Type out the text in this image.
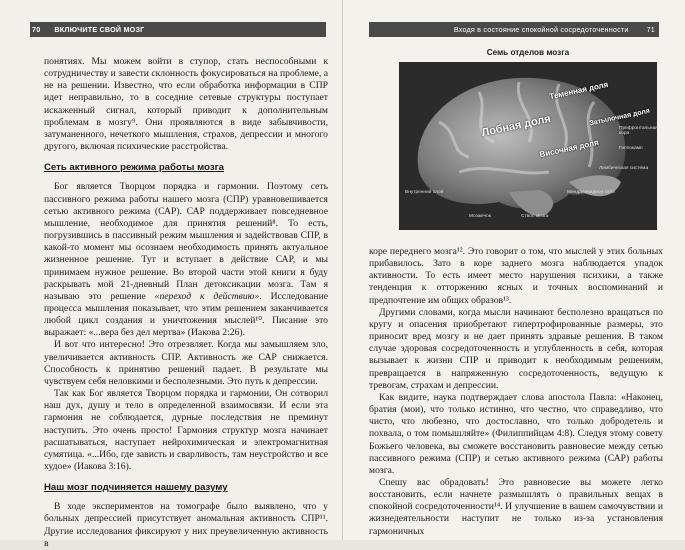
70 ВКЛЮЧИТЕ СВОЙ МОЗГ

понятиях. Мы можем войти в ступор, стать неспособными к сотрудничеству и завести склонность фокусироваться на проблеме, а не на решении. Известно, что если обработка информации в СПР идет неправильно, то в соседние сетевые структуры поступает искаженный сигнал, который приводит к дополнительным проблемам в мозгу⁹. Они проявляются в виде забывчивости, затуманенного, нечеткого мышления, страхов, депрессии и многого другого, включая психические расстройства.

Сеть активного режима работы мозга

Бог является Творцом порядка и гармонии. Поэтому сеть пассивного режима работы нашего мозга (СПР) уравновешивается сетью активного режима (САР). САР поддерживает повседневное мышление, необходимое для принятия решений⁸. То есть, погрузившись в пассивный режим мышления и задействовав СПР, в какой-то момент мы осознаем необходимость принять актуальное жизненное решение. Тут и вступает в действие САР, и мы принимаем нужное решение. Во второй части этой книги я буду раскрывать мой 21-дневный План детоксикации мозга. Там я называю это решение «переход к действию». Исследование процесса мышления показывает, что этим решением заканчивается любой цикл создания и уничтожения мыслей¹⁰. Писание это выражает: «...вера без дел мертва» (Иакова 2:26).

И вот что интересно! Это отрезвляет. Когда мы замышляем зло, увеличивается активность СПР. Активность же САР снижается. Способность к принятию решений падает. В результате мы чувствуем себя неловкими и бесполезными. Это путь к депрессии.

Так как Бог является Творцом порядка и гармонии, Он сотворил наш дух, душу и тело в определенной взаимосвязи. И если эта гармония не соблюдается, дурные последствия не преминут наступить. Это очень просто! Гармония структур мозга начинает расшатываться, наступает нейрохимическая и электромагнитная сумятица. «...Ибо, где зависть и сварливость, там неустройство и все худое» (Иакова 3:16).

Наш мозг подчиняется нашему разуму

В ходе экспериментов на томографе было выявлено, что у больных депрессией присутствует аномальная активность СПР¹¹. Другие исследования фиксируют у них преувеличенную активность в

Входя в состояние спокойной сосредоточенности	71
Семь отделов мозга
Лобная доля
Теменная доля
Затылочная доля
Височная доля
Префронтальная кора
Внутренний слой
Мозжечок	Ствол мозга
Гиппокамп
Лимбическая система
Миндалевидное тело

коре переднего мозга¹². Это говорит о том, что мыслей у этих больных прибавилось. Зато в коре заднего мозга наблюдается упадок активности. То есть имеет место нарушения психики, а также тенденция к отторжению ясных и точных воспоминаний и предпочтение им общих образов¹³.

Другими словами, когда мысли начинают бесполезно вращаться по кругу и опасения приобретают гипертрофированные размеры, это приносит вред мозгу и не дает принять здравые решения. В таком случае здоровая сосредоточенность и углубленность в себя, которая вызывает к жизни СПР и приводит к необходимым решениям, превращается в напряженную сосредоточенность, ведущую к тревогам, страхам и депрессии.

Как видите, наука подтверждает слова апостола Павла: «Наконец, братия (мои), что только истинно, что честно, что справедливо, что чисто, что любезно, что достославно, что только добродетель и похвала, о том помышляйте» (Филиппийцам 4:8). Следуя этому совету Божьего человека, вы сможете восстановить равновесие между сетью пассивного режима (СПР) и сетью активного режима (САР) работы мозга.

Спешу вас обрадовать! Это равновесие вы можете легко восстановить, если начнете размышлять о правильных вещах в спокойной сосредоточенности¹⁴. И улучшение в вашем самочувствии и жизнедеятельности наступит не только из-за установления гармоничных
